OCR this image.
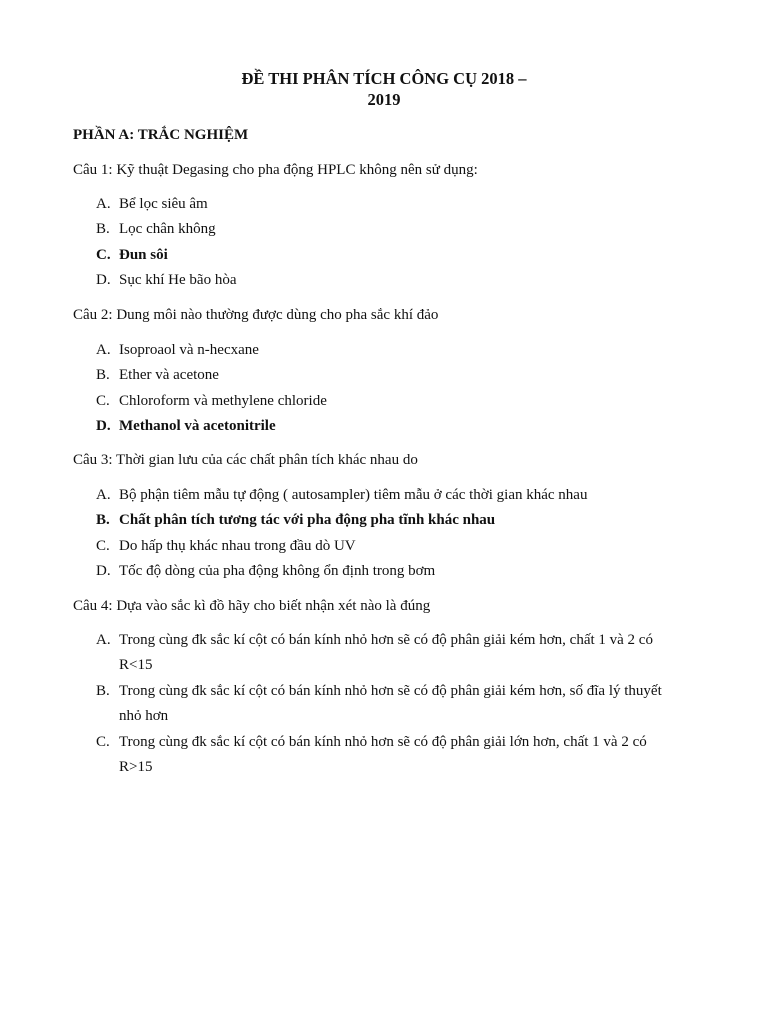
ĐỀ THI PHÂN TÍCH CÔNG CỤ 2018 –
2019
PHẦN A: TRẮC NGHIỆM
Câu 1: Kỹ thuật Degasing cho pha động HPLC không nên sử dụng:
A. Bể lọc siêu âm
B. Lọc chân không
C. Đun sôi
D. Sục khí He bão hòa
Câu 2: Dung môi nào thường được dùng cho pha sắc khí đảo
A. Isoproaol và n-hecxane
B. Ether và acetone
C. Chloroform và methylene chloride
D. Methanol và acetonitrile
Câu 3: Thời gian lưu của các chất phân tích khác nhau do
A. Bộ phận tiêm mẫu tự động ( autosampler) tiêm mẫu ở các thời gian khác nhau
B. Chất phân tích tương tác với pha động pha tĩnh khác nhau
C. Do hấp thụ khác nhau trong đầu dò UV
D. Tốc độ dòng của pha động không ổn định trong bơm
Câu 4: Dựa vào sắc kì đồ hãy cho biết nhận xét nào là đúng
A. Trong cùng đk sắc kí cột có bán kính nhỏ hơn sẽ có độ phân giải kém hơn, chất 1 và 2 có R<15
B. Trong cùng đk sắc kí cột có bán kính nhỏ hơn sẽ có độ phân giải kém hơn, số đĩa lý thuyết nhỏ hơn
C. Trong cùng đk sắc kí cột có bán kính nhỏ hơn sẽ có độ phân giải lớn hơn, chất 1 và 2 có R>15
